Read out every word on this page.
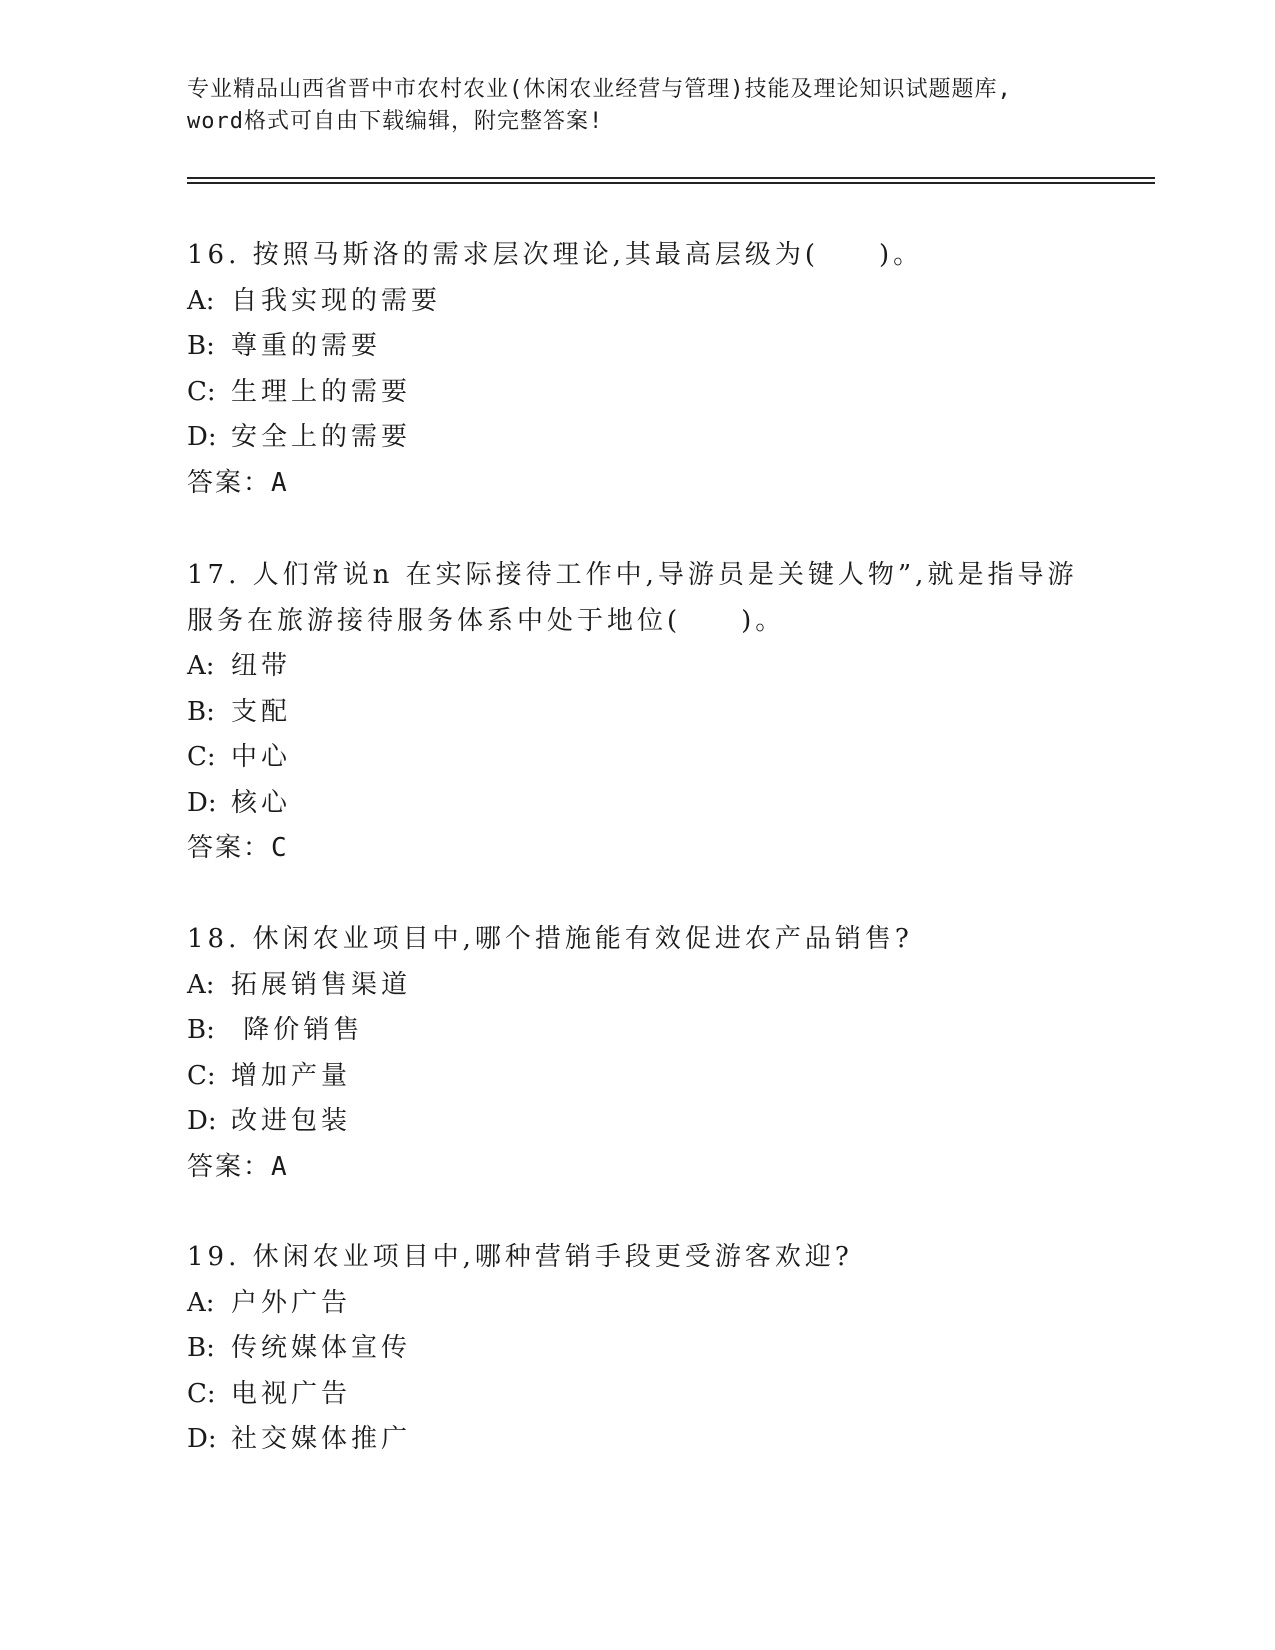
专业精品山西省晋中市农村农业(休闲农业经营与管理)技能及理论知识试题题库,
word格式可自由下载编辑，附完整答案!
16. 按照马斯洛的需求层次理论,其最高层级为(　　)。
A: 自我实现的需要
B: 尊重的需要
C: 生理上的需要
D: 安全上的需要
答案：A
17. 人们常说n 在实际接待工作中,导游员是关键人物”,就是指导游
服务在旅游接待服务体系中处于地位(　　)。
A: 纽带
B: 支配
C: 中心
D: 核心
答案：C
18. 休闲农业项目中,哪个措施能有效促进农产品销售?
A: 拓展销售渠道
B: 降价销售
C: 增加产量
D: 改进包装
答案：A
19. 休闲农业项目中,哪种营销手段更受游客欢迎?
A: 户外广告
B: 传统媒体宣传
C: 电视广告
D: 社交媒体推广
